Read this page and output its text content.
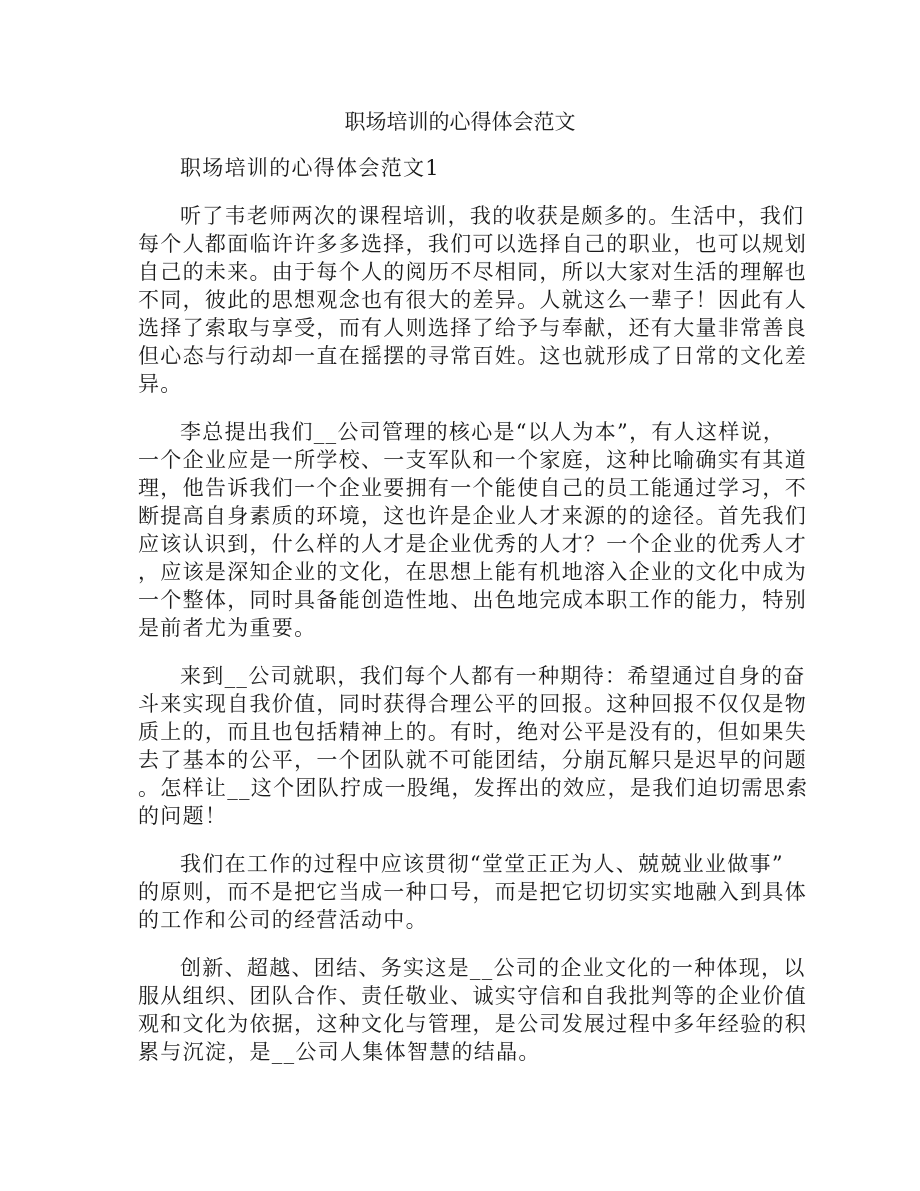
职场培训的心得体会范文
职场培训的心得体会范文1
听了韦老师两次的课程培训，我的收获是颇多的。生活中，我们
每个人都面临许许多多选择，我们可以选择自己的职业，也可以规划
自己的未来。由于每个人的阅历不尽相同，所以大家对生活的理解也
不同，彼此的思想观念也有很大的差异。人就这么一辈子！因此有人
选择了索取与享受，而有人则选择了给予与奉献，还有大量非常善良
但心态与行动却一直在摇摆的寻常百姓。这也就形成了日常的文化差
异。
李总提出我们__公司管理的核心是“以人为本”，有人这样说，
一个企业应是一所学校、一支军队和一个家庭，这种比喻确实有其道
理，他告诉我们一个企业要拥有一个能使自己的员工能通过学习，不
断提高自身素质的环境，这也许是企业人才来源的的途径。首先我们
应该认识到，什么样的人才是企业优秀的人才？一个企业的优秀人才
，应该是深知企业的文化，在思想上能有机地溶入企业的文化中成为
一个整体，同时具备能创造性地、出色地完成本职工作的能力，特别
是前者尤为重要。
来到__公司就职，我们每个人都有一种期待：希望通过自身的奋
斗来实现自我价值，同时获得合理公平的回报。这种回报不仅仅是物
质上的，而且也包括精神上的。有时，绝对公平是没有的，但如果失
去了基本的公平，一个团队就不可能团结，分崩瓦解只是迟早的问题
。怎样让__这个团队拧成一股绳，发挥出的效应，是我们迫切需思索
的问题！
我们在工作的过程中应该贯彻“堂堂正正为人、兢兢业业做事”
的原则，而不是把它当成一种口号，而是把它切切实实地融入到具体
的工作和公司的经营活动中。
创新、超越、团结、务实这是__公司的企业文化的一种体现，以
服从组织、团队合作、责任敬业、诚实守信和自我批判等的企业价值
观和文化为依据，这种文化与管理，是公司发展过程中多年经验的积
累与沉淀，是__公司人集体智慧的结晶。
